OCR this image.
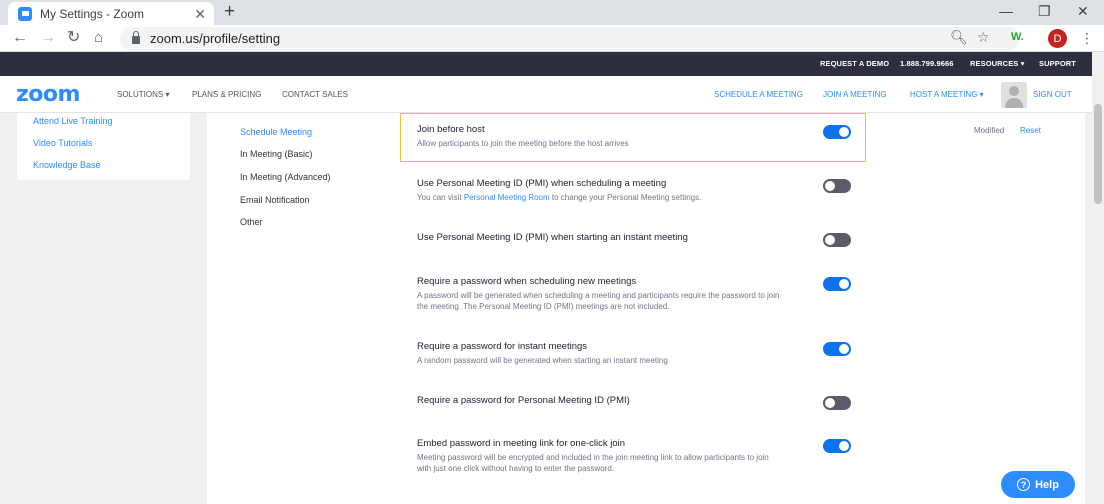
My Settings - Zoom	✕ +	— ❐ ✕
← → ↻ ⌂	zoom.us/profile/setting	🔍︎ ☆ W.	D	⋮
REQUEST A DEMO 1.888.799.9666 RESOURCES ▾ SUPPORT
zoom	SOLUTIONS ▾	PLANS & PRICING	CONTACT SALES	SCHEDULE A MEETING	JOIN A MEETING	HOST A MEETING ▾	SIGN OUT
Attend Live Training
Video Tutorials
Knowledge Base
Schedule Meeting
In Meeting (Basic)
In Meeting (Advanced)
Email Notification
Other
Join before host
Allow participants to join the meeting before the host arrives
Modified Reset
Use Personal Meeting ID (PMI) when scheduling a meeting
You can visit Personal Meeting Room to change your Personal Meeting settings.
Use Personal Meeting ID (PMI) when starting an instant meeting
Require a password when scheduling new meetings
A password will be generated when scheduling a meeting and participants require the password to join the meeting. The Personal Meeting ID (PMI) meetings are not included.
Require a password for instant meetings
A random password will be generated when starting an instant meeting
Require a password for Personal Meeting ID (PMI)
Embed password in meeting link for one-click join
Meeting password will be encrypted and included in the join meeting link to allow participants to join with just one click without having to enter the password.
? Help
